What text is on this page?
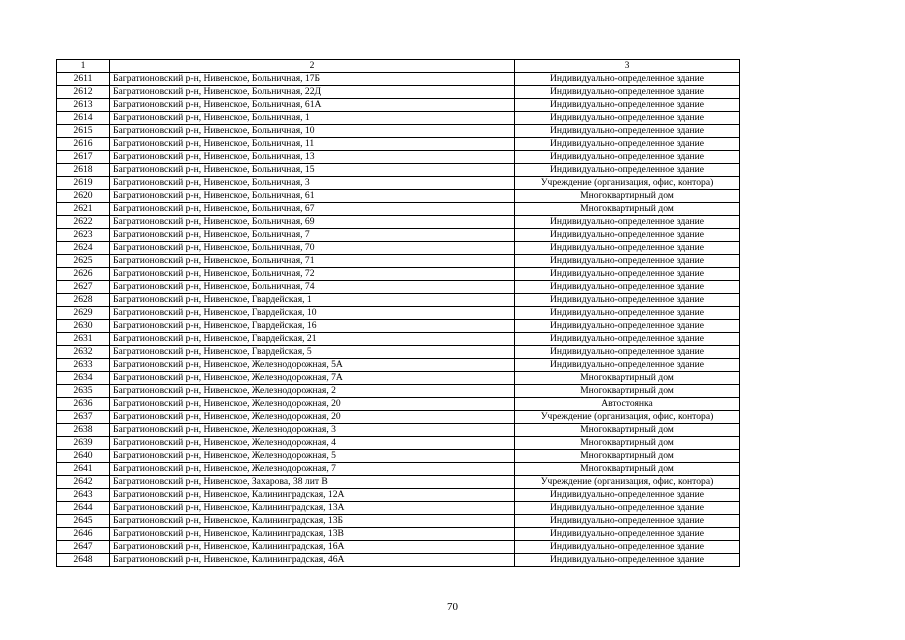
1	2	3
2611	Багратионовский р-н, Нивенское, Больничная, 17Б	Индивидуально-определенное здание
2612	Багратионовский р-н, Нивенское, Больничная, 22Д	Индивидуально-определенное здание
2613	Багратионовский р-н, Нивенское, Больничная, 61А	Индивидуально-определенное здание
2614	Багратионовский р-н, Нивенское, Больничная, 1	Индивидуально-определенное здание
2615	Багратионовский р-н, Нивенское, Больничная, 10	Индивидуально-определенное здание
2616	Багратионовский р-н, Нивенское, Больничная, 11	Индивидуально-определенное здание
2617	Багратионовский р-н, Нивенское, Больничная, 13	Индивидуально-определенное здание
2618	Багратионовский р-н, Нивенское, Больничная, 15	Индивидуально-определенное здание
2619	Багратионовский р-н, Нивенское, Больничная, 3	Учреждение (организация, офис, контора)
2620	Багратионовский р-н, Нивенское, Больничная, 61	Многоквартирный дом
2621	Багратионовский р-н, Нивенское, Больничная, 67	Многоквартирный дом
2622	Багратионовский р-н, Нивенское, Больничная, 69	Индивидуально-определенное здание
2623	Багратионовский р-н, Нивенское, Больничная, 7	Индивидуально-определенное здание
2624	Багратионовский р-н, Нивенское, Больничная, 70	Индивидуально-определенное здание
2625	Багратионовский р-н, Нивенское, Больничная, 71	Индивидуально-определенное здание
2626	Багратионовский р-н, Нивенское, Больничная, 72	Индивидуально-определенное здание
2627	Багратионовский р-н, Нивенское, Больничная, 74	Индивидуально-определенное здание
2628	Багратионовский р-н, Нивенское, Гвардейская, 1	Индивидуально-определенное здание
2629	Багратионовский р-н, Нивенское, Гвардейская, 10	Индивидуально-определенное здание
2630	Багратионовский р-н, Нивенское, Гвардейская, 16	Индивидуально-определенное здание
2631	Багратионовский р-н, Нивенское, Гвардейская, 21	Индивидуально-определенное здание
2632	Багратионовский р-н, Нивенское, Гвардейская, 5	Индивидуально-определенное здание
2633	Багратионовский р-н, Нивенское, Железнодорожная, 5А	Индивидуально-определенное здание
2634	Багратионовский р-н, Нивенское, Железнодорожная, 7А	Многоквартирный дом
2635	Багратионовский р-н, Нивенское, Железнодорожная, 2	Многоквартирный дом
2636	Багратионовский р-н, Нивенское, Железнодорожная, 20	Автостоянка
2637	Багратионовский р-н, Нивенское, Железнодорожная, 20	Учреждение (организация, офис, контора)
2638	Багратионовский р-н, Нивенское, Железнодорожная, 3	Многоквартирный дом
2639	Багратионовский р-н, Нивенское, Железнодорожная, 4	Многоквартирный дом
2640	Багратионовский р-н, Нивенское, Железнодорожная, 5	Многоквартирный дом
2641	Багратионовский р-н, Нивенское, Железнодорожная, 7	Многоквартирный дом
2642	Багратионовский р-н, Нивенское, Захарова, 38 лит В	Учреждение (организация, офис, контора)
2643	Багратионовский р-н, Нивенское, Калининградская, 12А	Индивидуально-определенное здание
2644	Багратионовский р-н, Нивенское, Калининградская, 13А	Индивидуально-определенное здание
2645	Багратионовский р-н, Нивенское, Калининградская, 13Б	Индивидуально-определенное здание
2646	Багратионовский р-н, Нивенское, Калининградская, 13В	Индивидуально-определенное здание
2647	Багратионовский р-н, Нивенское, Калининградская, 16А	Индивидуально-определенное здание
2648	Багратионовский р-н, Нивенское, Калининградская, 46А	Индивидуально-определенное здание
70
